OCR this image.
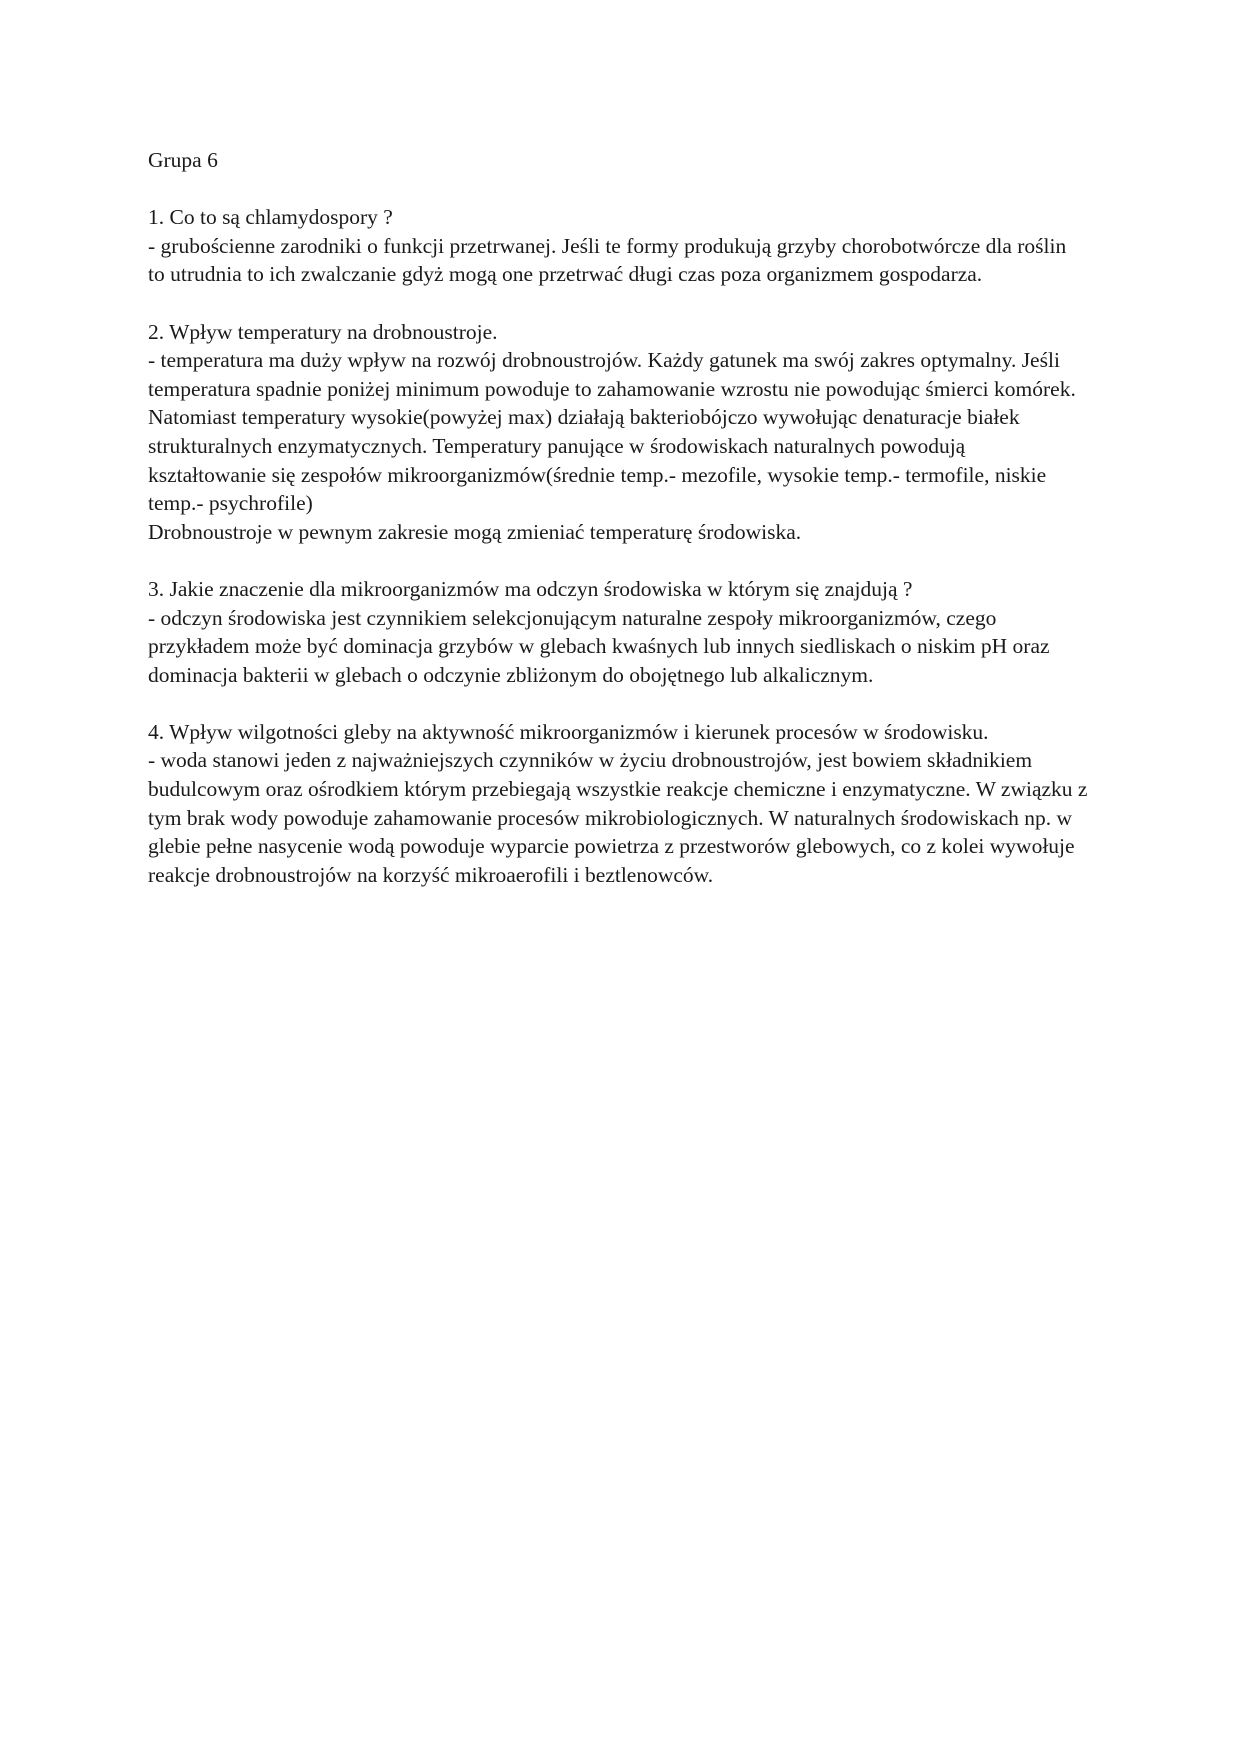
Grupa 6

1. Co to są chlamydospory ?

- grubościenne zarodniki o funkcji przetrwanej. Jeśli te formy produkują grzyby chorobotwórcze dla roślin to utrudnia to ich zwalczanie gdyż mogą one przetrwać długi czas poza organizmem gospodarza.

2. Wpływ temperatury na drobnoustroje.

- temperatura ma duży wpływ na rozwój drobnoustrojów. Każdy gatunek ma swój zakres optymalny. Jeśli temperatura spadnie poniżej minimum powoduje to zahamowanie wzrostu nie powodując śmierci komórek. Natomiast temperatury wysokie(powyżej max) działają bakteriobójczo wywołując denaturacje białek strukturalnych enzymatycznych. Temperatury panujące w środowiskach naturalnych powodują kształtowanie się zespołów mikroorganizmów(średnie temp.- mezofile, wysokie temp.- termofile, niskie temp.- psychrofile)

Drobnoustroje w pewnym zakresie mogą zmieniać temperaturę środowiska.

3. Jakie znaczenie dla mikroorganizmów ma odczyn środowiska w którym się znajdują ?

- odczyn środowiska jest czynnikiem selekcjonującym naturalne zespoły mikroorganizmów, czego przykładem może być dominacja grzybów w glebach kwaśnych lub innych siedliskach o niskim pH oraz dominacja bakterii w glebach o odczynie zbliżonym do obojętnego lub alkalicznym.

4. Wpływ wilgotności gleby na aktywność mikroorganizmów i kierunek procesów w środowisku.

- woda stanowi jeden z najważniejszych czynników w życiu drobnoustrojów, jest bowiem składnikiem budulcowym oraz ośrodkiem którym przebiegają wszystkie reakcje chemiczne i enzymatyczne. W związku z tym brak wody powoduje zahamowanie procesów mikrobiologicznych. W naturalnych środowiskach np. w glebie pełne nasycenie wodą powoduje wyparcie powietrza z przestworów glebowych, co z kolei wywołuje reakcje drobnoustrojów na korzyść mikroaerofili i beztlenowców.
